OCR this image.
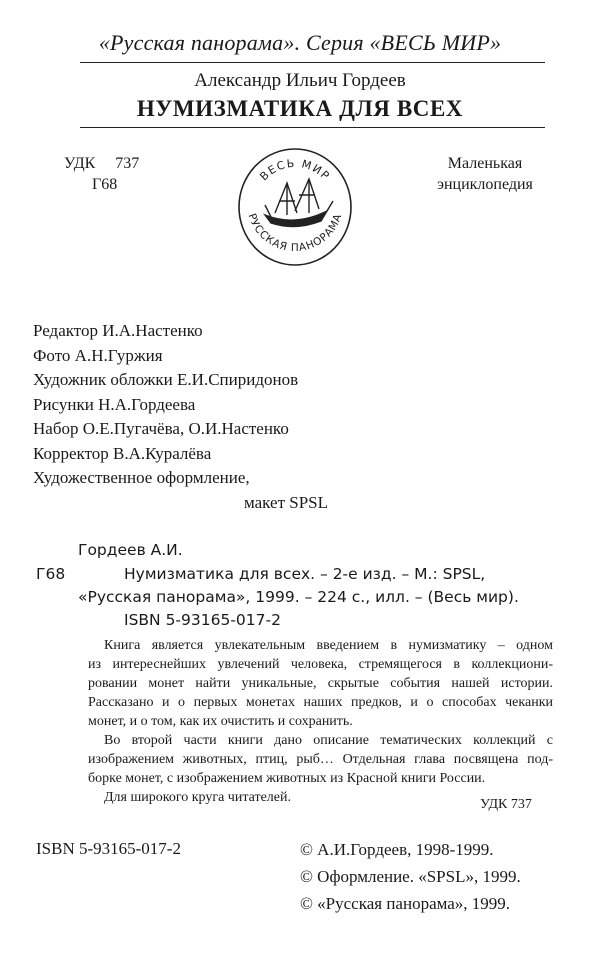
«Русская панорама». Серия «ВЕСЬ МИР»
Александр Ильич Гордеев
НУМИЗМАТИКА ДЛЯ ВСЕХ
УДК 737
Г68
Маленькая
энциклопедия
ВЕСЬ МИР
РУССКАЯ ПАНОРАМА
Редактор И.А.Настенко
Фото А.Н.Гуржия
Художник обложки Е.И.Спиридонов
Рисунки Н.А.Гордеева
Набор О.Е.Пугачёва, О.И.Настенко
Корректор В.А.Куралёва
Художественное оформление,
макет SPSL
Гордеев А.И.
Г68	Нумизматика для всех. – 2-е изд. – М.: SPSL,
«Русская панорама», 1999. – 224 с., илл. – (Весь мир).
ISBN 5-93165-017-2

Книга является увлекательным введением в нумизматику – одном
из интереснейших увлечений человека, стремящегося в коллекциони-
ровании монет найти уникальные, скрытые события нашей истории.
Рассказано и о первых монетах наших предков, и о способах чеканки
монет, и о том, как их очистить и сохранить.

Во второй части книги дано описание тематических коллекций с
изображением животных, птиц, рыб… Отдельная глава посвящена под-
борке монет, с изображением животных из Красной книги России.

Для широкого круга читателей.	УДК 737
ISBN 5-93165-017-2	© А.И.Гордеев, 1998-1999.
© Оформление. «SPSL», 1999.
© «Русская панорама», 1999.
